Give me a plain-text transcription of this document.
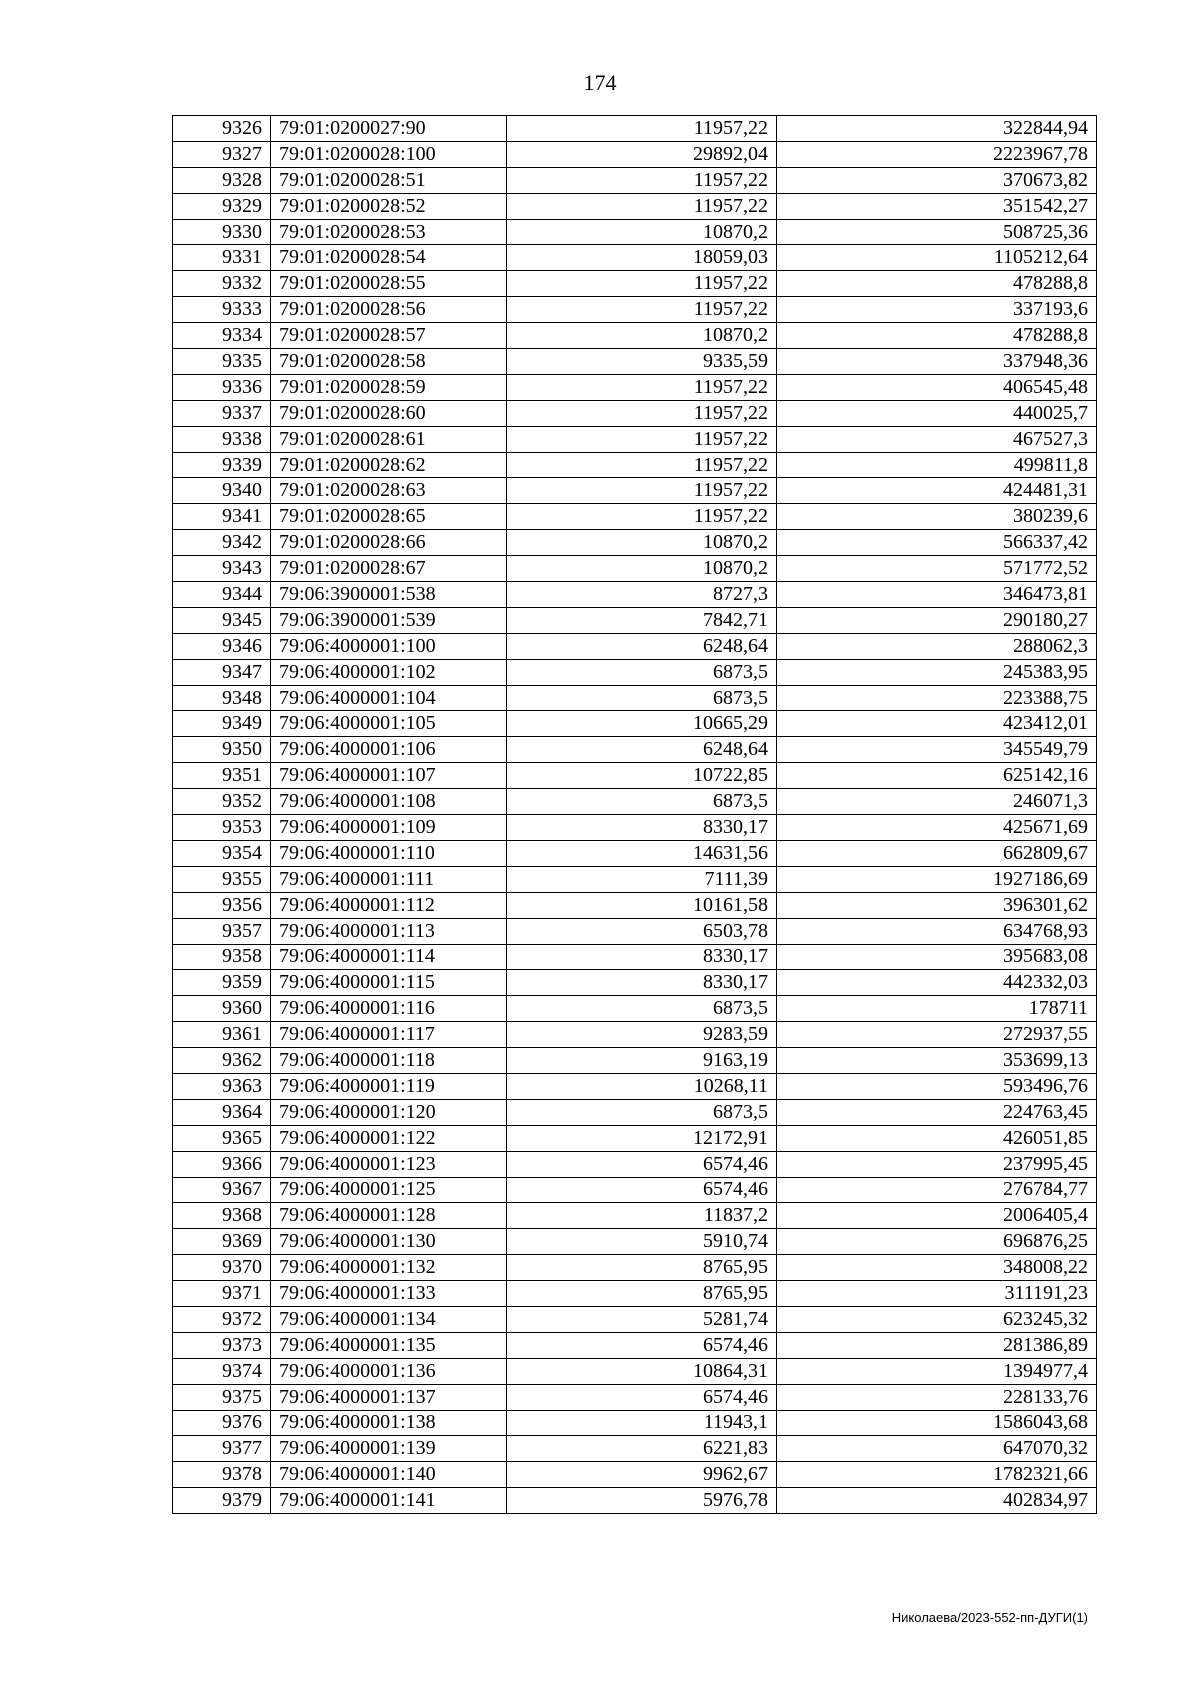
174
9326	79:01:0200027:90	11957,22	322844,94
9327	79:01:0200028:100	29892,04	2223967,78
9328	79:01:0200028:51	11957,22	370673,82
9329	79:01:0200028:52	11957,22	351542,27
9330	79:01:0200028:53	10870,2	508725,36
9331	79:01:0200028:54	18059,03	1105212,64
9332	79:01:0200028:55	11957,22	478288,8
9333	79:01:0200028:56	11957,22	337193,6
9334	79:01:0200028:57	10870,2	478288,8
9335	79:01:0200028:58	9335,59	337948,36
9336	79:01:0200028:59	11957,22	406545,48
9337	79:01:0200028:60	11957,22	440025,7
9338	79:01:0200028:61	11957,22	467527,3
9339	79:01:0200028:62	11957,22	499811,8
9340	79:01:0200028:63	11957,22	424481,31
9341	79:01:0200028:65	11957,22	380239,6
9342	79:01:0200028:66	10870,2	566337,42
9343	79:01:0200028:67	10870,2	571772,52
9344	79:06:3900001:538	8727,3	346473,81
9345	79:06:3900001:539	7842,71	290180,27
9346	79:06:4000001:100	6248,64	288062,3
9347	79:06:4000001:102	6873,5	245383,95
9348	79:06:4000001:104	6873,5	223388,75
9349	79:06:4000001:105	10665,29	423412,01
9350	79:06:4000001:106	6248,64	345549,79
9351	79:06:4000001:107	10722,85	625142,16
9352	79:06:4000001:108	6873,5	246071,3
9353	79:06:4000001:109	8330,17	425671,69
9354	79:06:4000001:110	14631,56	662809,67
9355	79:06:4000001:111	7111,39	1927186,69
9356	79:06:4000001:112	10161,58	396301,62
9357	79:06:4000001:113	6503,78	634768,93
9358	79:06:4000001:114	8330,17	395683,08
9359	79:06:4000001:115	8330,17	442332,03
9360	79:06:4000001:116	6873,5	178711
9361	79:06:4000001:117	9283,59	272937,55
9362	79:06:4000001:118	9163,19	353699,13
9363	79:06:4000001:119	10268,11	593496,76
9364	79:06:4000001:120	6873,5	224763,45
9365	79:06:4000001:122	12172,91	426051,85
9366	79:06:4000001:123	6574,46	237995,45
9367	79:06:4000001:125	6574,46	276784,77
9368	79:06:4000001:128	11837,2	2006405,4
9369	79:06:4000001:130	5910,74	696876,25
9370	79:06:4000001:132	8765,95	348008,22
9371	79:06:4000001:133	8765,95	311191,23
9372	79:06:4000001:134	5281,74	623245,32
9373	79:06:4000001:135	6574,46	281386,89
9374	79:06:4000001:136	10864,31	1394977,4
9375	79:06:4000001:137	6574,46	228133,76
9376	79:06:4000001:138	11943,1	1586043,68
9377	79:06:4000001:139	6221,83	647070,32
9378	79:06:4000001:140	9962,67	1782321,66
9379	79:06:4000001:141	5976,78	402834,97
Николаева/2023-552-пп-ДУГИ(1)
